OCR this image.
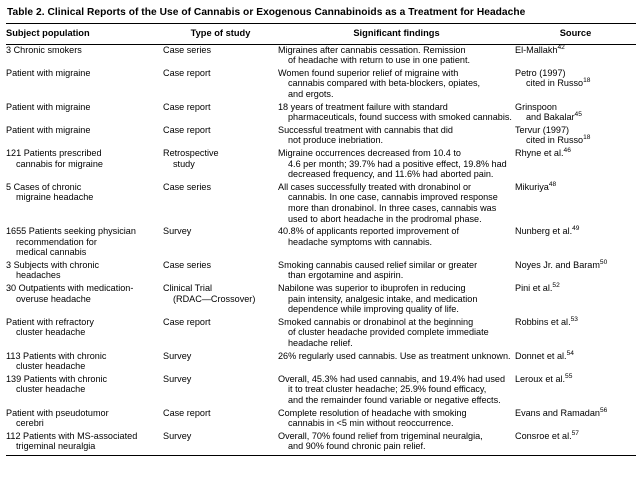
Table 2. Clinical Reports of the Use of Cannabis or Exogenous Cannabinoids as a Treatment for Headache
Subject population	Type of study	Significant findings	Source
3 Chronic smokers	Case series	Migraines after cannabis cessation. Remission
of headache with return to use in one patient.	El-Mallakh$^{42}$

Patient with migraine	Case report	Women found superior relief of migraine with
cannabis compared with beta-blockers, opiates,
and ergots.	Petro (1997)
cited in Russo$^{18}$

Patient with migraine	Case report	18 years of treatment failure with standard
pharmaceuticals, found success with smoked cannabis.	Grinspoon
and Bakalar$^{45}$

Patient with migraine	Case report	Successful treatment with cannabis that did
not produce inebriation.	Tervur (1997)
cited in Russo$^{18}$

121 Patients prescribed
cannabis for migraine	Retrospective
study	Migraine occurrences decreased from 10.4 to
4.6 per month; 39.7% had a positive effect, 19.8% had
decreased frequency, and 11.6% had aborted pain.	Rhyne et al.$^{46}$

5 Cases of chronic
migraine headache	Case series	All cases successfully treated with dronabinol or
cannabis. In one case, cannabis improved response
more than dronabinol. In three cases, cannabis was
used to abort headache in the prodromal phase.	Mikuriya$^{48}$

1655 Patients seeking physician
recommendation for
medical cannabis	Survey	40.8% of applicants reported improvement of
headache symptoms with cannabis.	Nunberg et al.$^{49}$

3 Subjects with chronic
headaches	Case series	Smoking cannabis caused relief similar or greater
than ergotamine and aspirin.	Noyes Jr. and Baram$^{50}$

30 Outpatients with medication-
overuse headache	Clinical Trial
(RDAC—Crossover)	Nabilone was superior to ibuprofen in reducing
pain intensity, analgesic intake, and medication
dependence while improving quality of life.	Pini et al.$^{52}$

Patient with refractory
cluster headache	Case report	Smoked cannabis or dronabinol at the beginning
of cluster headache provided complete immediate
headache relief.	Robbins et al.$^{53}$

113 Patients with chronic
cluster headache	Survey	26% regularly used cannabis. Use as treatment unknown.	Donnet et al.$^{54}$

139 Patients with chronic
cluster headache	Survey	Overall, 45.3% had used cannabis, and 19.4% had used
it to treat cluster headache; 25.9% found efficacy,
and the remainder found variable or negative effects.	Leroux et al.$^{55}$

Patient with pseudotumor
cerebri	Case report	Complete resolution of headache with smoking
cannabis in <5 min without reoccurrence.	Evans and Ramadan$^{56}$

112 Patients with MS-associated
trigeminal neuralgia	Survey	Overall, 70% found relief from trigeminal neuralgia,
and 90% found chronic pain relief.	Consroe et al.$^{57}$
